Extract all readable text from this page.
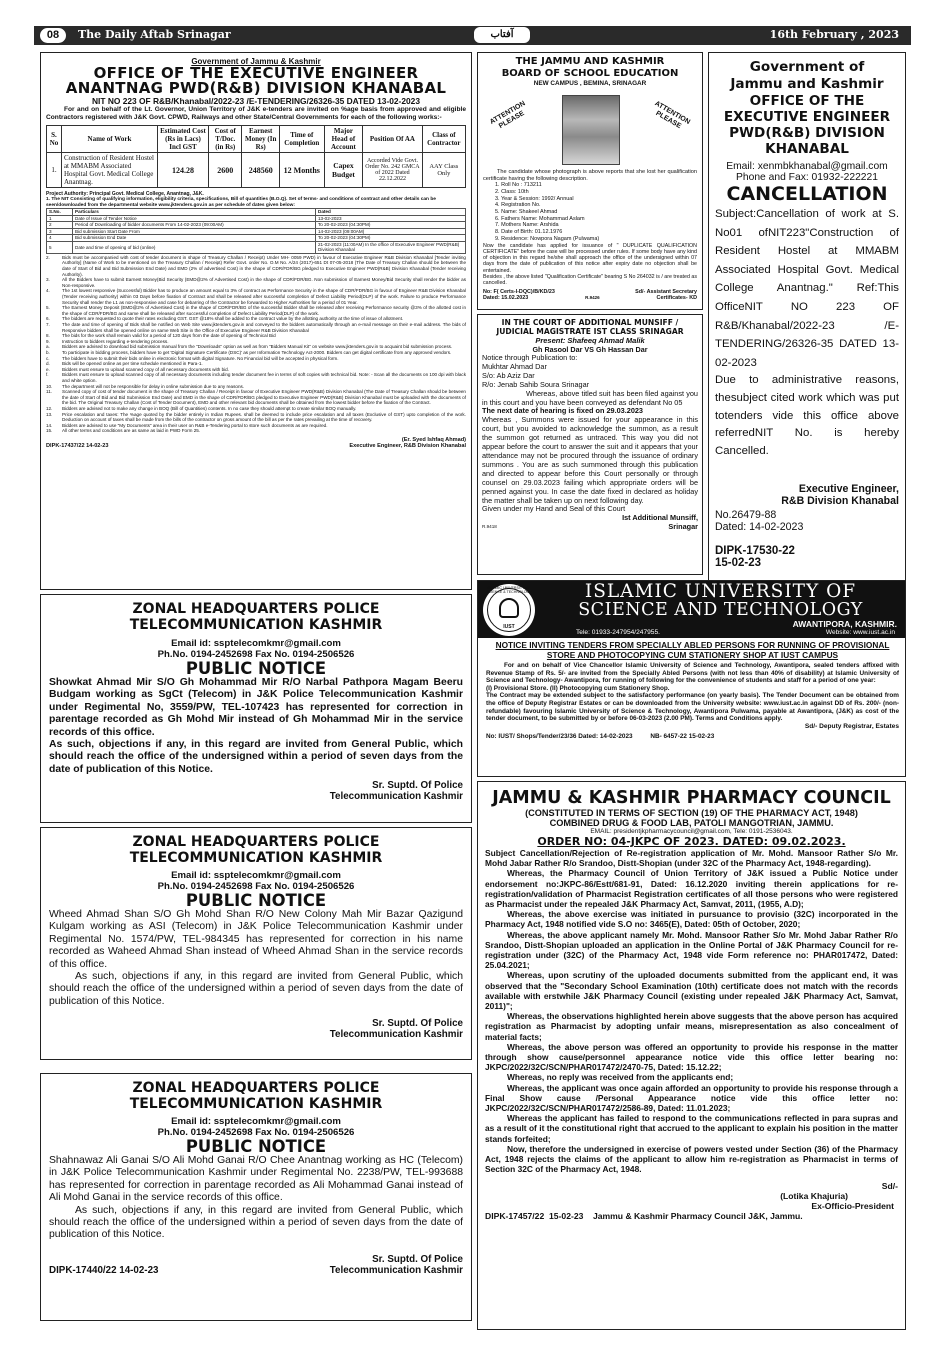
08	The Daily Aftab Srinagar	آفتاب	16th February , 2023
Government of Jammu & Kashmir
OFFICE OF THE EXECUTIVE ENGINEER
ANANTNAG PWD(R&B) DIVISION KHANABAL
NIT NO 223 OF R&B/Khanabal/2022-23 /E-TENDERING/26326-35 DATED 13-02-2023
For and on behalf of the Lt. Governor, Union Territory of J&K e-tenders are invited on %age basis from approved and eligible Contractors registered with J&K Govt. CPWD, Railways and other State/Central Governments for each of the following works:-
S. No	Name of Work	Estimated Cost (Rs in Lacs) Incl GST	Cost of T/Doc. (in Rs)	Earnest Money (In Rs)	Time of Completion	Major Head of Account	Position Of AA	Class of Contractor
1.	Construction of Resident Hostel at MMABM Associated Hospital Govt. Medical College Anantnag.	124.28	2600	248560	12 Months	Capex Budget	Accorded Vide Govt. Order No. 242 GMCA of 2022 Dated 22.12.2022	AAY Class Only
Project Authority: Principal Govt. Medical College, Anantnag, J&K.
1. The NIT Consisting of qualifying information, eligibility criteria, specifications, Bill of quantities (B.O.Q). Set of terms- and conditions of contract and other details can be seen/downloaded from the departmental website www.jktenders.gov.in as per schedule of dates given below:
S.No.	Particulars	Dated
1	Date of Issue of Tender Notice	13-02-2023
2	Period of Downloading of bidder documents From 14-02-2023 (09:00AM)	To 20-02-2023 (04:30PM)
3	Bid submission Start Date From	14-02-2023 (09:00AM)
4	Bid submission End Date	To 20-02-2023 (04:30PM)
5	Date and time of opening of bid (online)	21-02-2023 (11:00AM) In the office of Executive Engineer PWD(R&B) Division Khanabal
2.	Bids must be accompanied with cost of tender document in shape of Treasury Challan / Receipt) Under MH- 0059 PWD) in favour of Executive Engineer R&B Division Khanabal [Tender inviting Authority] (Name of Work to be mentioned on the Treasury Challan / Receipt) Refer Govt. order No. O.M No. A/24 (2017)-651 Dt 07-05-2018 (The Date of Treasury Challan should be between the date of Start of Bid and Bid Submission End Date) and EMD (2% of advertised Cost) in the shape of CDR/FDR/BG pledged to Executive Engineer PWD(R&B) Division Khanabal (Tender receiving Authority).
3.	All the Bidders have to submit Earnest Money(Bid Security (EMD@2% of Advertised Cost) in the shape of CDR/FDR/BG. Non submission of Earnest Money/Bid Security shall render the bidder as Non-responsive.
4.	The 1st lowest responsive (Successful) Bidder has to produce an amount equal to 3% of contract as Performance Security in the shape of CDR/FDR/BG in favour of Engineer R&B Division Khanabal (Tender receiving authority) within 03 Days before fixation of Contract and shall be released after successful completion of Defect Liability Period(DLP) of the work. Failure to produce Performance Security shall render the L1 as non-responsive and case for debarring of the Contractor be forwarded to Higher Authorities for a period of 01 Year.
5.	The Earnest Money Deposit (EMD@2% of Advertised Cost) in the shape of CDR/FDR/BG of the successful Bidder shall be released after receiving Performance security @3% of the allotted cost in the shape of CDR/FDR/BG and same shall be released after successful completion of Defect Liability Period(DLP) of the work.
6.	The bidders are requested to quote their rates excluding GST. GST @18% shall be added to the contract value by the allotting authority at the time of issue of allotment.
7.	The date and time of opening of Bids shall be notified on Web Site www.jktenders.gov.in and conveyed to the bidders automatically through an e-mail message on their e-mail address. The bids of Responsive bidders shall be opened online on same Web Site in the Office of Executive Engineer R&B Division Khanabal
8.	The bids for the work shall remain valid for a period of 120 days from the date of opening of Technical Bid
9.	Instruction to bidders regarding e-tendering process.
a.	Bidders are advised to download bid submission manual from the "Downloads" option as well as from "Bidders Manual Kit" on website www.jktenders.gov.in to acquaint bid submission process.
b.	To participate in bidding process, bidders have to get 'Digital Signature Certificate (DSC)' as per Information Technology Act-2000. Bidders can get digital certificate from any approved vendors.
c.	The bidders have to submit their bids online in electronic format with digital Signature. No Financial bid will be accepted in physical form.
d.	Bids will be opened online as per time schedule mentioned in Para-1.
e.	Bidders must ensure to upload scanned copy of all necessary documents with bid.
f.	Bidders must ensure to upload scanned copy of all necessary documents including tender document fee in terms of soft copies with technical bid. Note: - Scan all the documents on 100 dpi with black and white option.
10.	The department will not be responsible for delay in online submission due to any reasons.
11.	Scanned copy of cost of tender document in the shape of Treasury Challan / Receipt in favour of Executive Engineer PWD(R&B) Division Khanabal (The Date of Treasury Challan should be between the date of Start of Bid and Bid Submission End Date) and EMD in the shape of CDR/FDR/BG pledged to Executive Engineer PWD(R&B) Division Khanabal must be uploaded with the documents of the bid. The Original Treasury Challan (Cost of Tender Document), EMD and other relevant bid documents shall be obtained from the lowest bidder before the fixation of the Contract.
12.	Bidders are advised not to make any change in BOQ (Bill of Quantities) contents. In no case they should attempt to create similar BOQ manually.
13.	Price escalation and taxes: The %age quoted by the bidder entirely in Indian Rupees. shall be deemed to include price escalation and all taxes (Exclusive of GST) upto completion of the work. Deduction on account of taxes shall be made from the bills of the contractor on gross amount of the bill as per the rates prevailing at the time of recovery.
14.	Bidders are advised to use "My Documents" area in their user on R&B e-Tendering portal to store such documents as are required.
15.	All other terms and conditions are as same as laid in PWD Form 25.
(Er. Syed Ishfaq Ahmad)
DIPK-17437/22 14-02-23	Executive Engineer, R&B Division Khanabal
THE JAMMU AND KASHMIR
BOARD OF SCHOOL EDUCATION
NEW CAMPUS , BEMINA, SRINAGAR
ATTENTION PLEASE	ATTENTION PLEASE
The candidate whose photograph is above reports that she lost her qualification certificate having the following description.
1. Roll No : 713211
2. Class: 10th
3. Year & Session: 1992/ Annual
4. Registration No.
5. Name: Shakeel Ahmad
6. Fathers Name: Mohammad Aslam
7. Mothers Name: Arshida
8. Date of Birth: 01.12.1976
9. Residence: Nowpora Nagam (Pulwama)
Now the candidate has applied for issuance of " DUPLICATE QUALIFICATION CERTIFICATE" before the case will be processed under rules. If some body have any kind of objection in this regard he/she shall approach the office of the undersigned within 07 days from the date of publication of this notice after expiry date no objection shall be entertained.
Besides , the above listed "Qualification Certificate" bearing S No 264032 is / are treated as cancelled.
No: F( Certs-I-DQC)/B/KD/23	Sd/- Assistant Secretary
Dated: 15.02.2023	R.9426	Certificates- KD
Government of
Jammu and Kashmir
OFFICE OF THE EXECUTIVE ENGINEER PWD(R&B) DIVISION KHANABAL
Email: xenmbkhanabal@gmail.com
Phone and Fax: 01932-222221
CANCELLATION
Subject:Cancellation of work at S. No01 ofNIT223"Construction of Resident Hostel at MMABM Associated Hospital Govt. Medical College Anantnag." Ref:This OfficeNIT NO 223 OF R&B/Khanabal/2022-23 /E-TENDERING/26326-35 DATED 13-02-2023
Due to administrative reasons, thesubject cited work which was put totenders vide this office above referredNIT No. is hereby Cancelled.
Executive Engineer,
R&B Division Khanabal
No.26479-88
Dated: 14-02-2023
DIPK-17530-22
15-02-23
IN THE COURT OF ADDITIONAL MUNSIFF /
JUDICIAL MAGISTRATE IST CLASS SRINAGAR
Present: Shafeeq Ahmad Malik
Gh Rasool Dar VS Gh Hassan Dar
Notice through Publication to:
Mukhtar Ahmad Dar
S/o: Ab Aziz Dar
R/o: Jenab Sahib Soura Srinagar
Whereas, above titled suit has been filed against you in this court and you have been conveyed as defendant No 05
The next date of hearing is fixed on 29.03.2023
Whereas , Summons were issued for your appearance in this court, but you avoided to acknowledge the summon, as a result the summon got returned as untraced. This way you did not appear before the court to answer the suit and it appears that your attendance may not be procured through the issuance of ordinary summons . You are as such summoned through this publication and directed to appear before this Court personally or through counsel on 29.03.2023 failing which appropriate orders will be penned against you. In case the date fixed in declared as holiday the matter shall be taken up on next following day.
Given under my Hand and Seal of this Court
Ist Additional Munsiff,
R.9418	Srinagar
ZONAL HEADQUARTERS POLICE TELECOMMUNICATION KASHMIR
Email id: ssptelecomkmr@gmail.com
Ph.No. 0194-2452698 Fax No. 0194-2506526
PUBLIC NOTICE
Showkat Ahmad Mir S/O Gh Mohammad Mir R/O Narbal Pathpora Magam Beeru Budgam working as SgCt (Telecom) in J&K Police Telecommunication Kashmir under Regimental No, 3559/PW, TEL-107423 has represented for correction in parentage recorded as Gh Mohd Mir instead of Gh Mohammad Mir in the service records of this office.
As such, objections if any, in this regard are invited from General Public, which should reach the office of the undersigned within a period of seven days from the date of publication of this Notice.
Sr. Suptd. Of Police
Telecommunication Kashmir
ZONAL HEADQUARTERS POLICE TELECOMMUNICATION KASHMIR
Email id: ssptelecomkmr@gmail.com
Ph.No. 0194-2452698 Fax No. 0194-2506526
PUBLIC NOTICE
Wheed Ahmad Shan S/O Gh Mohd Shan R/O New Colony Mah Mir Bazar Qazigund Kulgam working as ASI (Telecom) in J&K Police Telecommunication Kashmir under Regimental No. 1574/PW, TEL-984345 has represented for correction in his name recorded as Waheed Ahmad Shan instead of Wheed Ahmad Shan in the service records of this office.
As such, objections if any, in this regard are invited from General Public, which should reach the office of the undersigned within a period of seven days from the date of publication of this Notice.
Sr. Suptd. Of Police
Telecommunication Kashmir
ZONAL HEADQUARTERS POLICE TELECOMMUNICATION KASHMIR
Email id: ssptelecomkmr@gmail.com
Ph.No. 0194-2452698 Fax No. 0194-2506526
PUBLIC NOTICE
Shahnawaz Ali Ganai S/O Ali Mohd Ganai R/O Chee Anantnag working as HC (Telecom) in J&K Police Telecommunication Kashmir under Regimental No. 2238/PW, TEL-993688 has represented for correction in parentage recorded as Ali Mohammad Ganai instead of Ali Mohd Ganai in the service records of this office.
As such, objections if any, in this regard are invited from General Public, which should reach the office of the undersigned within a period of seven days from the date of publication of this Notice.
Sr. Suptd. Of Police
DIPK-17440/22 14-02-23	Telecommunication Kashmir
ISLAMIC UNIVERSITY OF SCIENCE & TECHNOLOGY
IUST
ISLAMIC UNIVERSITY OF
SCIENCE AND TECHNOLOGY
AWANTIPORA, KASHMIR.
Tele: 01933-247954/247955.	Website: www.iust.ac.in
NOTICE INVITING TENDERS FROM SPECIALLY ABLED PERSONS FOR RUNNING OF PROVISIONAL STORE AND PHOTOCOPYING CUM STATIONERY SHOP AT IUST CAMPUS
For and on behalf of Vice Chancellor Islamic University of Science and Technology, Awantipora, sealed tenders affixed with Revenue Stamp of Rs. 5/- are invited from the Specially Abled Persons (with not less than 40% of disability) at Islamic University of Science and Technology- Awantipora, for running of following for the convenience of students and staff for a period of one year:
(I) Provisional Store. (II) Photocopying cum Stationery Shop.
The Contract may be extended subject to the satisfactory performance (on yearly basis). The Tender Document can be obtained from the office of Deputy Registrar Estates or can be downloaded from the University website: www.iust.ac.in against DD of Rs. 200/- (non-refundable) favouring Islamic University of Science & Technology, Awantipora Pulwama, payable at Awantipora, (J&K) as cost of the tender document, to be submitted by or before 06-03-2023 (2.00 PM). Terms and Conditions apply.
Sd/- Deputy Registrar, Estates
No: IUST/ Shops/Tender/23/36 Dated: 14-02-2023	NB- 6457-22 15-02-23
JAMMU & KASHMIR PHARMACY COUNCIL
(CONSTITUTED IN TERMS OF SECTION (19) OF THE PHARMACY ACT, 1948)
COMBINED DRUG & FOOD LAB, PATOLI MANGOTRIAN, JAMMU.
EMAIL: presidentjkpharmacycouncil@gmail.com, Tele: 0191-2536043.
ORDER NO: 04-JKPC OF 2023. DATED: 09.02.2023.
Subject Cancellation/Rejection of Re-registration application of Mr. Mohd. Mansoor Rather S/o Mr. Mohd Jabar Rather R/o Srandoo, Distt-Shopian (under 32C of the Pharmacy Act, 1948-regarding).
Whereas, the Pharmacy Council of Union Territory of J&K issued a Public Notice under endorsement no:JKPC-86/Estt/681-91, Dated: 16.12.2020 inviting therein applications for re-registration/validation of Pharmacist Registration certificates of all those persons who were registered as Pharmacist under the repealed J&K Pharmacy Act, Samvat, 2011, (1955, A.D);
Whereas, the above exercise was initiated in pursuance to provisio (32C) incorporated in the Pharmacy Act, 1948 notified vide S.O no: 3465(E), Dated: 05th of October, 2020;
Whereas, the above applicant namely Mr. Mohd. Mansoor Rather S/o Mr. Mohd Jabar Rather R/o Srandoo, Distt-Shopian uploaded an application in the Online Portal of J&K Pharmacy Council for re-registration under (32C) of the Pharmacy Act, 1948 vide Form reference no: PHAR017472, Dated: 25.04.2021;
Whereas, upon scrutiny of the uploaded documents submitted from the applicant end, it was observed that the "Secondary School Examination (10th) certificate does not match with the records available with erstwhile J&K Pharmacy Council (existing under repealed J&K Pharmacy Act, Samvat, 2011)";
Whereas, the observations highlighted herein above suggests that the above person has acquired registration as Pharmacist by adopting unfair means, misrepresentation as also concealment of material facts;
Whereas, the above person was offered an opportunity to provide his response in the matter through show cause/personnel appearance notice vide this office letter bearing no: JKPC/2022/32C/SCN/PHAR017472/2470-75, Dated: 15.12.22;
Whereas, no reply was received from the applicants end;
Whereas, the applicant was once again afforded an opportunity to provide his response through a Final Show cause /Personal Appearance notice vide this office letter no: JKPC/2022/32C/SCN/PHAR017472/2586-89, Dated: 11.01.2023;
Whereas the applicant has failed to respond to the communications reflected in para supras and as a result of it the constitutional right that accrued to the applicant to explain his position in the matter stands forfeited;
Now, therefore the undersigned in exercise of powers vested under Section (36) of the Pharmacy Act, 1948 rejects the claims of the applicant to allow him re-registration as Pharmacist in terms of Section 32C of the Pharmacy Act, 1948.
Sd/-
(Lotika Khajuria)
Ex-Officio-President
DIPK-17457/22  15-02-23    Jammu & Kashmir Pharmacy Council J&K, Jammu.
